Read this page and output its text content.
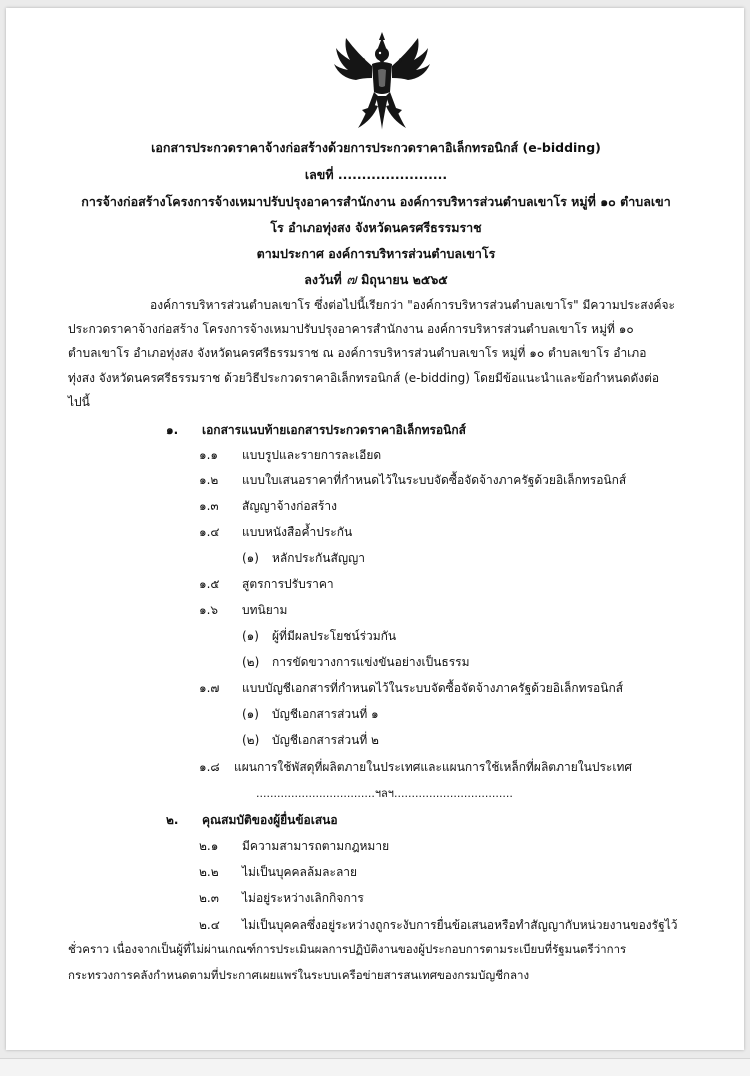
เอกสารประกวดราคาจ้างก่อสร้างด้วยการประกวดราคาอิเล็กทรอนิกส์ (e-bidding)
เลขที่ .......................
การจ้างก่อสร้างโครงการจ้างเหมาปรับปรุงอาคารสำนักงาน องค์การบริหารส่วนตำบลเขาโร หมู่ที่ ๑๐ ตำบลเขา
โร อำเภอทุ่งสง จังหวัดนครศรีธรรมราช
ตามประกาศ องค์การบริหารส่วนตำบลเขาโร
ลงวันที่ ๗ มิถุนายน ๒๕๖๕
องค์การบริหารส่วนตำบลเขาโร ซึ่งต่อไปนี้เรียกว่า "องค์การบริหารส่วนตำบลเขาโร" มีความประสงค์จะ
ประกวดราคาจ้างก่อสร้าง โครงการจ้างเหมาปรับปรุงอาคารสำนักงาน องค์การบริหารส่วนตำบลเขาโร หมู่ที่ ๑๐
ตำบลเขาโร อำเภอทุ่งสง จังหวัดนครศรีธรรมราช ณ องค์การบริหารส่วนตำบลเขาโร หมู่ที่ ๑๐ ตำบลเขาโร อำเภอ
ทุ่งสง จังหวัดนครศรีธรรมราช ด้วยวิธีประกวดราคาอิเล็กทรอนิกส์ (e-bidding) โดยมีข้อแนะนำและข้อกำหนดดังต่อ
ไปนี้
๑. เอกสารแนบท้ายเอกสารประกวดราคาอิเล็กทรอนิกส์
๑.๑ แบบรูปและรายการละเอียด
๑.๒ แบบใบเสนอราคาที่กำหนดไว้ในระบบจัดซื้อจัดจ้างภาครัฐด้วยอิเล็กทรอนิกส์
๑.๓ สัญญาจ้างก่อสร้าง
๑.๔ แบบหนังสือค้ำประกัน
(๑) หลักประกันสัญญา
๑.๕ สูตรการปรับราคา
๑.๖ บทนิยาม
(๑) ผู้ที่มีผลประโยชน์ร่วมกัน
(๒) การขัดขวางการแข่งขันอย่างเป็นธรรม
๑.๗ แบบบัญชีเอกสารที่กำหนดไว้ในระบบจัดซื้อจัดจ้างภาครัฐด้วยอิเล็กทรอนิกส์
(๑) บัญชีเอกสารส่วนที่ ๑
(๒) บัญชีเอกสารส่วนที่ ๒
๑.๘ แผนการใช้พัสดุที่ผลิตภายในประเทศและแผนการใช้เหล็กที่ผลิตภายในประเทศ
..................................ฯลฯ..................................
๒. คุณสมบัติของผู้ยื่นข้อเสนอ
๒.๑ มีความสามารถตามกฎหมาย
๒.๒ ไม่เป็นบุคคลล้มละลาย
๒.๓ ไม่อยู่ระหว่างเลิกกิจการ
๒.๔ ไม่เป็นบุคคลซึ่งอยู่ระหว่างถูกระงับการยื่นข้อเสนอหรือทำสัญญากับหน่วยงานของรัฐไว้
ชั่วคราว เนื่องจากเป็นผู้ที่ไม่ผ่านเกณฑ์การประเมินผลการปฏิบัติงานของผู้ประกอบการตามระเบียบที่รัฐมนตรีว่าการ
กระทรวงการคลังกำหนดตามที่ประกาศเผยแพร่ในระบบเครือข่ายสารสนเทศของกรมบัญชีกลาง
